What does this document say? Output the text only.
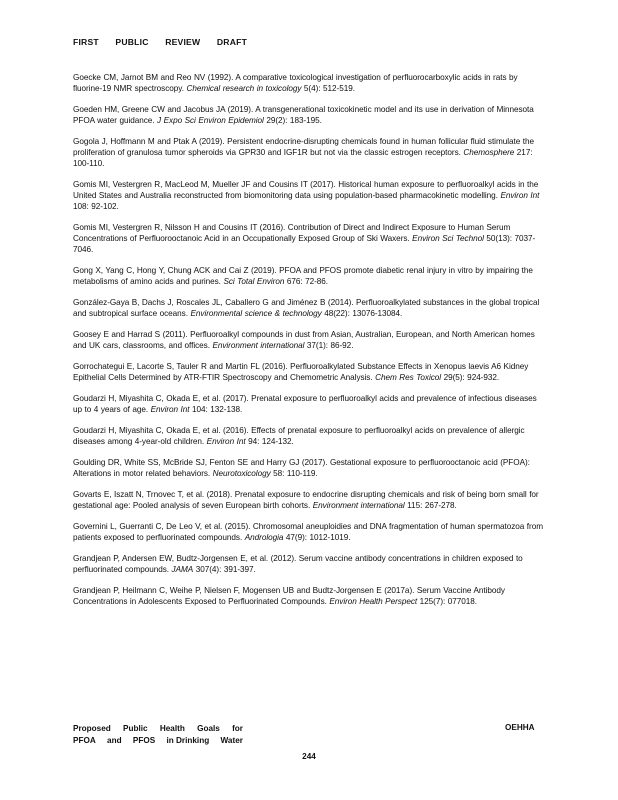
FIRST PUBLIC REVIEW DRAFT

Goecke CM, Jarnot BM and Reo NV (1992). A comparative toxicological investigation of perfluorocarboxylic acids in rats by fluorine-19 NMR spectroscopy. Chemical research in toxicology 5(4): 512-519.

Goeden HM, Greene CW and Jacobus JA (2019). A transgenerational toxicokinetic model and its use in derivation of Minnesota PFOA water guidance. J Expo Sci Environ Epidemiol 29(2): 183-195.

Gogola J, Hoffmann M and Ptak A (2019). Persistent endocrine-disrupting chemicals found in human follicular fluid stimulate the proliferation of granulosa tumor spheroids via GPR30 and IGF1R but not via the classic estrogen receptors. Chemosphere 217: 100-110.

Gomis MI, Vestergren R, MacLeod M, Mueller JF and Cousins IT (2017). Historical human exposure to perfluoroalkyl acids in the United States and Australia reconstructed from biomonitoring data using population-based pharmacokinetic modelling. Environ Int 108: 92-102.

Gomis MI, Vestergren R, Nilsson H and Cousins IT (2016). Contribution of Direct and Indirect Exposure to Human Serum Concentrations of Perfluorooctanoic Acid in an Occupationally Exposed Group of Ski Waxers. Environ Sci Technol 50(13): 7037-7046.

Gong X, Yang C, Hong Y, Chung ACK and Cai Z (2019). PFOA and PFOS promote diabetic renal injury in vitro by impairing the metabolisms of amino acids and purines. Sci Total Environ 676: 72-86.

González-Gaya B, Dachs J, Roscales JL, Caballero G and Jiménez B (2014). Perfluoroalkylated substances in the global tropical and subtropical surface oceans. Environmental science & technology 48(22): 13076-13084.

Goosey E and Harrad S (2011). Perfluoroalkyl compounds in dust from Asian, Australian, European, and North American homes and UK cars, classrooms, and offices. Environment international 37(1): 86-92.

Gorrochategui E, Lacorte S, Tauler R and Martin FL (2016). Perfluoroalkylated Substance Effects in Xenopus laevis A6 Kidney Epithelial Cells Determined by ATR-FTIR Spectroscopy and Chemometric Analysis. Chem Res Toxicol 29(5): 924-932.

Goudarzi H, Miyashita C, Okada E, et al. (2017). Prenatal exposure to perfluoroalkyl acids and prevalence of infectious diseases up to 4 years of age. Environ Int 104: 132-138.

Goudarzi H, Miyashita C, Okada E, et al. (2016). Effects of prenatal exposure to perfluoroalkyl acids on prevalence of allergic diseases among 4-year-old children. Environ Int 94: 124-132.

Goulding DR, White SS, McBride SJ, Fenton SE and Harry GJ (2017). Gestational exposure to perfluorooctanoic acid (PFOA): Alterations in motor related behaviors. Neurotoxicology 58: 110-119.

Govarts E, Iszatt N, Trnovec T, et al. (2018). Prenatal exposure to endocrine disrupting chemicals and risk of being born small for gestational age: Pooled analysis of seven European birth cohorts. Environment international 115: 267-278.

Governini L, Guerranti C, De Leo V, et al. (2015). Chromosomal aneuploidies and DNA fragmentation of human spermatozoa from patients exposed to perfluorinated compounds. Andrologia 47(9): 1012-1019.

Grandjean P, Andersen EW, Budtz-Jorgensen E, et al. (2012). Serum vaccine antibody concentrations in children exposed to perfluorinated compounds. JAMA 307(4): 391-397.

Grandjean P, Heilmann C, Weihe P, Nielsen F, Mogensen UB and Budtz-Jorgensen E (2017a). Serum Vaccine Antibody Concentrations in Adolescents Exposed to Perfluorinated Compounds. Environ Health Perspect 125(7): 077018.

Proposed Public Health Goals for
PFOA and PFOS in Drinking Water
OEHHA
244
